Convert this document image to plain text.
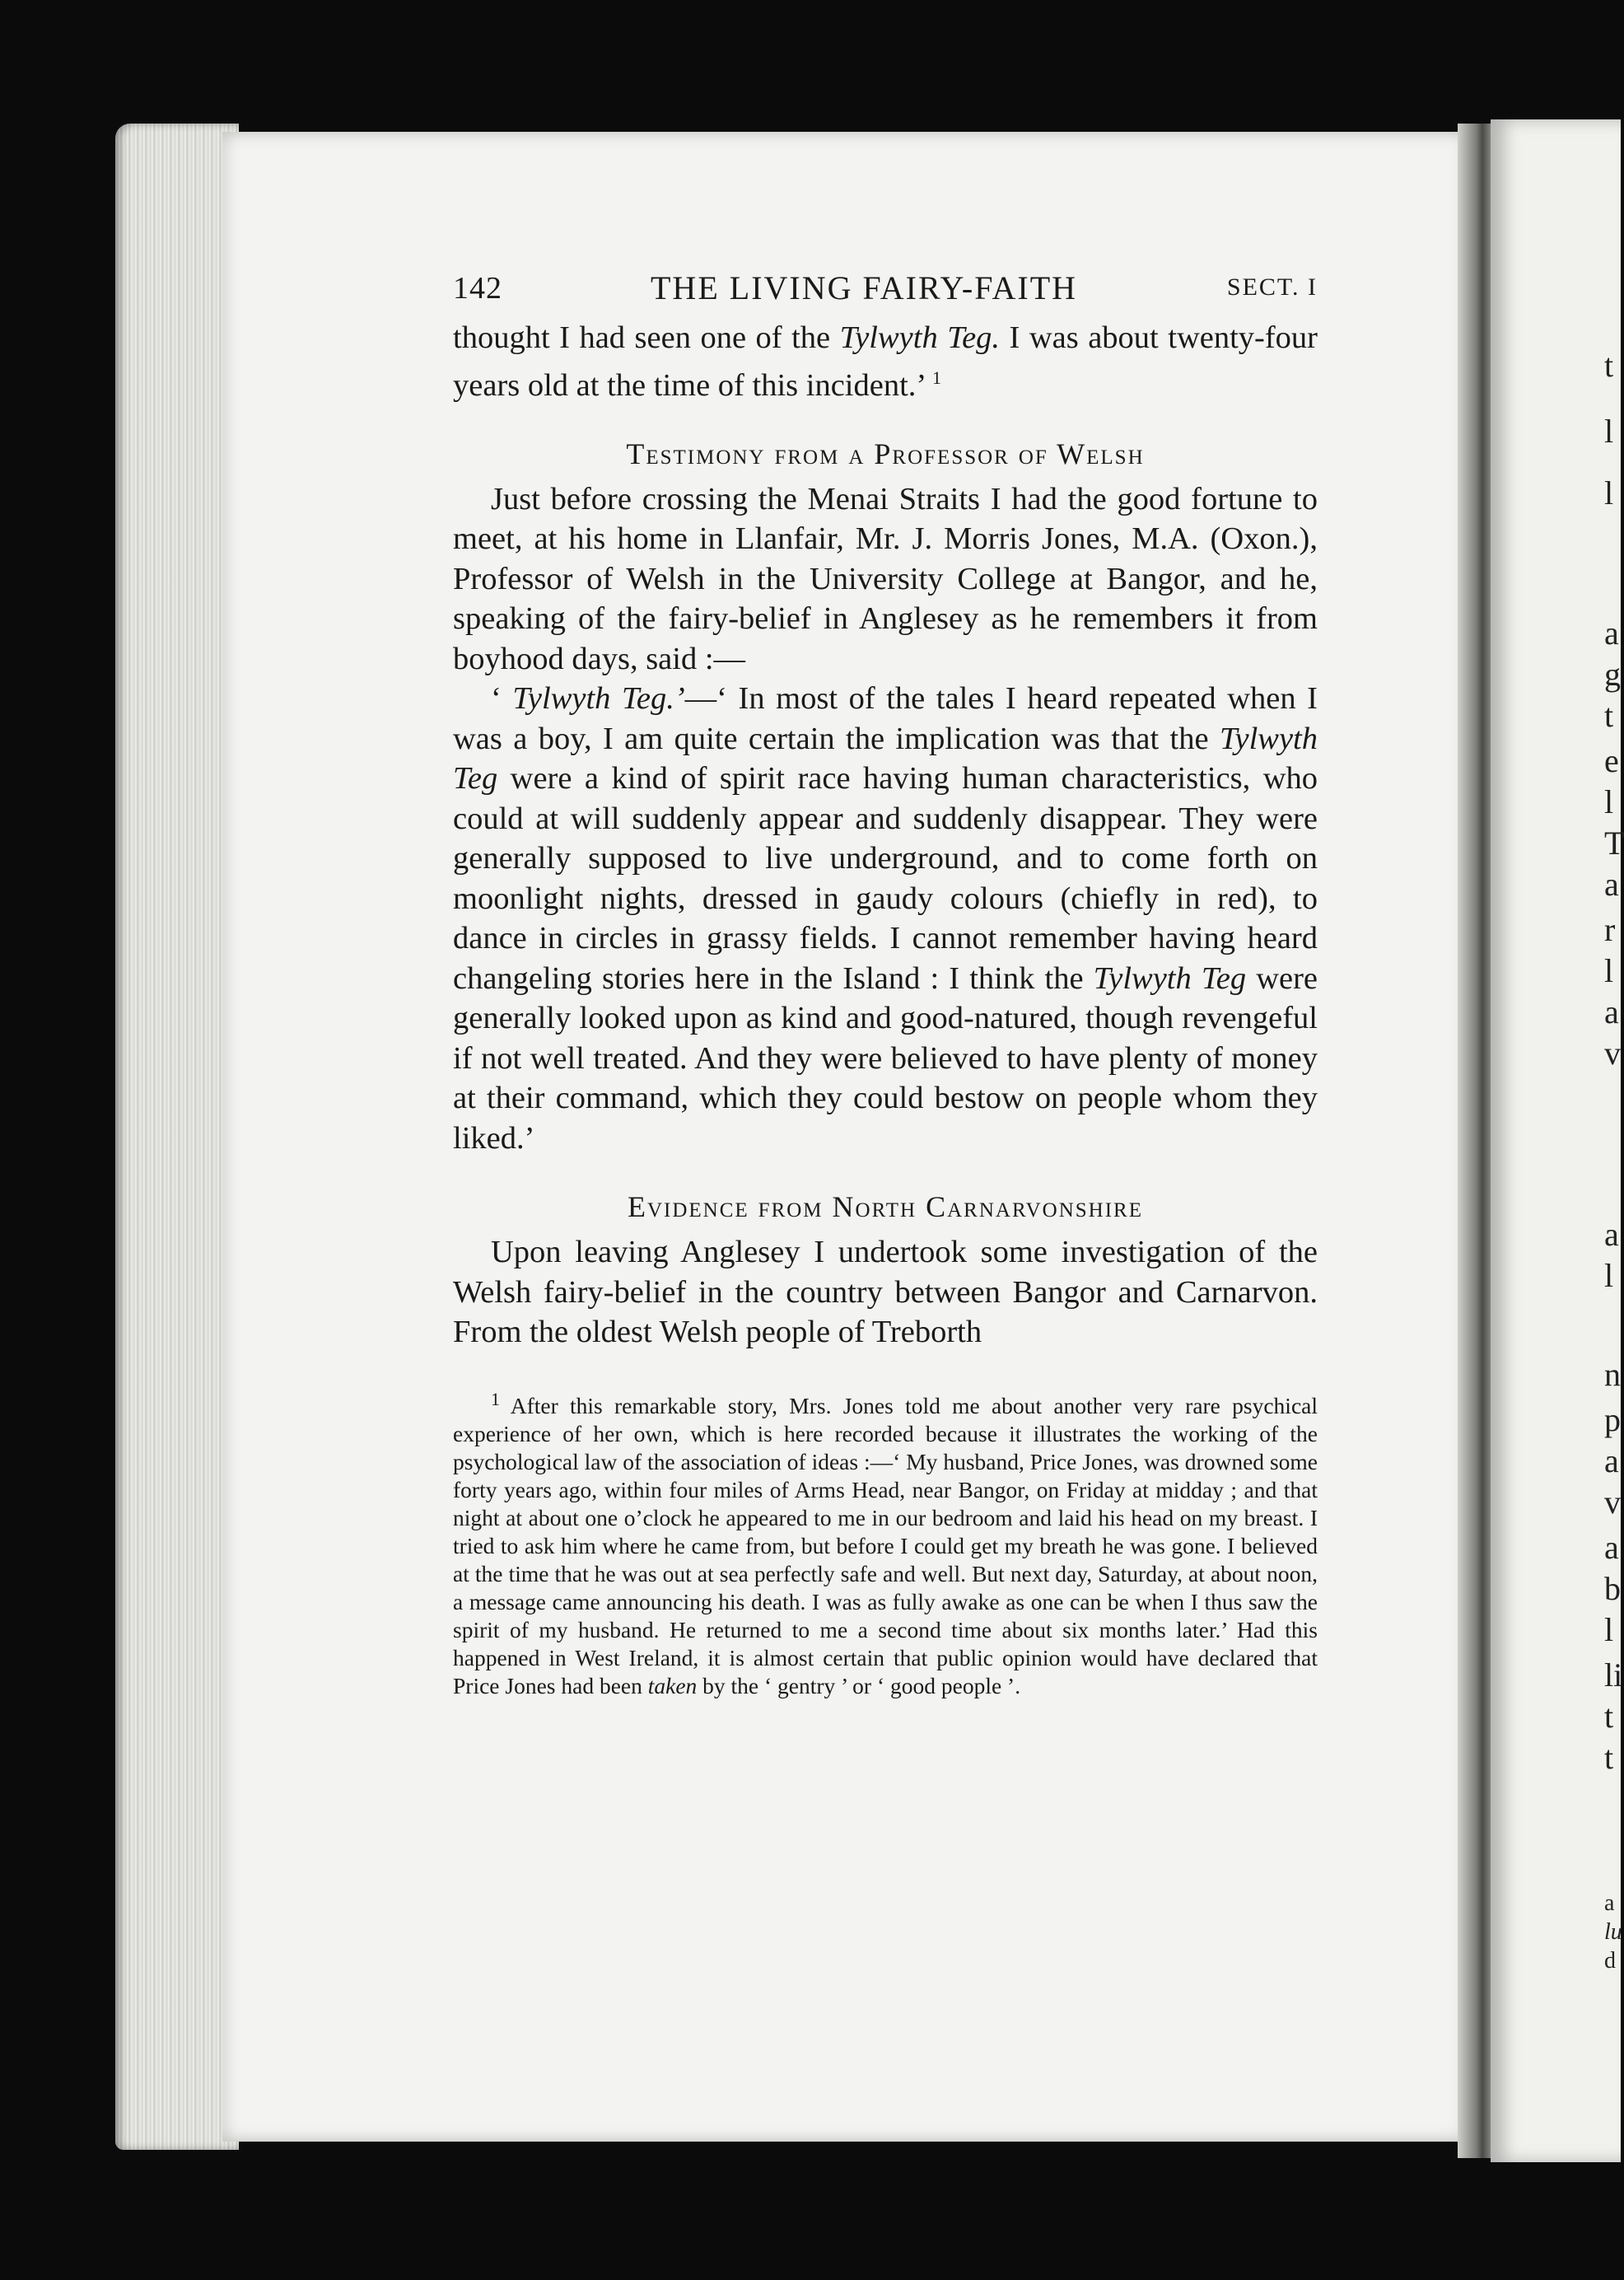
t
l
l
a
g
t
e
l
T
a
r
l
a
v
a
l
n
p
a
v
a
b
l
li
t
t
a
lu
d
142	THE LIVING FAIRY-FAITH	SECT. I

thought I had seen one of the Tylwyth Teg. I was about twenty-four years old at the time of this incident.’ $^1$

Testimony from a Professor of Welsh

Just before crossing the Menai Straits I had the good fortune to meet, at his home in Llanfair, Mr. J. Morris Jones, M.A. (Oxon.), Professor of Welsh in the University College at Bangor, and he, speaking of the fairy-belief in Anglesey as he remembers it from boyhood days, said :—

‘ Tylwyth Teg.’—‘ In most of the tales I heard repeated when I was a boy, I am quite certain the implication was that the Tylwyth Teg were a kind of spirit race having human characteristics, who could at will suddenly appear and suddenly disappear. They were generally supposed to live underground, and to come forth on moonlight nights, dressed in gaudy colours (chiefly in red), to dance in circles in grassy fields. I cannot remember having heard changeling stories here in the Island : I think the Tylwyth Teg were generally looked upon as kind and good-natured, though revengeful if not well treated. And they were believed to have plenty of money at their command, which they could bestow on people whom they liked.’

Evidence from North Carnarvonshire

Upon leaving Anglesey I undertook some investigation of the Welsh fairy-belief in the country between Bangor and Carnarvon. From the oldest Welsh people of Treborth

$^1$ After this remarkable story, Mrs. Jones told me about another very rare psychical experience of her own, which is here recorded because it illustrates the working of the psychological law of the association of ideas :—‘ My husband, Price Jones, was drowned some forty years ago, within four miles of Arms Head, near Bangor, on Friday at midday ; and that night at about one o’clock he appeared to me in our bedroom and laid his head on my breast. I tried to ask him where he came from, but before I could get my breath he was gone. I believed at the time that he was out at sea perfectly safe and well. But next day, Saturday, at about noon, a message came announcing his death. I was as fully awake as one can be when I thus saw the spirit of my husband. He returned to me a second time about six months later.’ Had this happened in West Ireland, it is almost certain that public opinion would have declared that Price Jones had been taken by the ‘ gentry ’ or ‘ good people ’.
